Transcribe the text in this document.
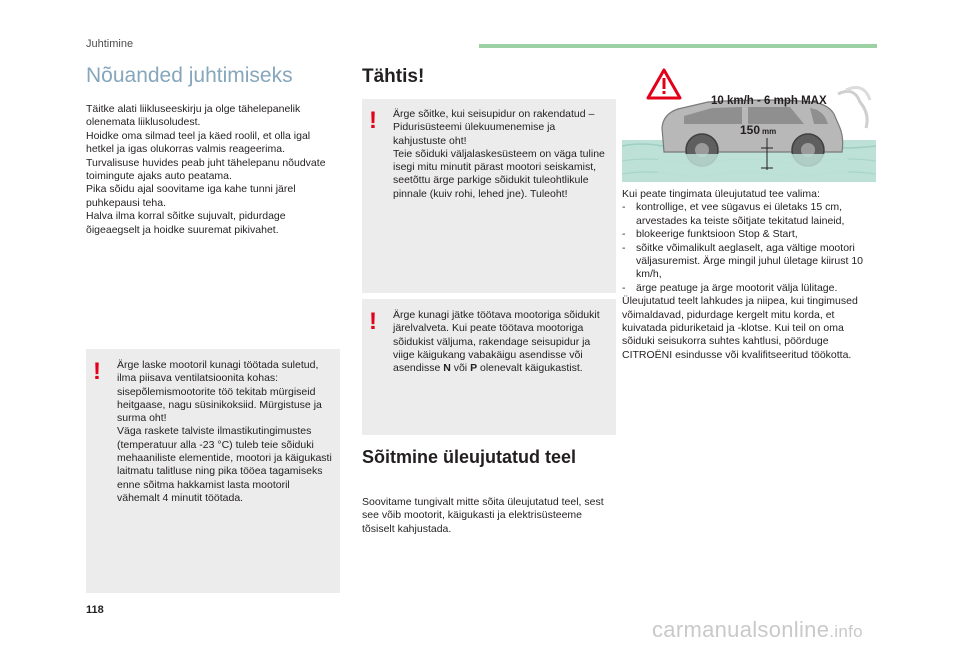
Juhtimine
Nõuanded juhtimiseks

Täitke alati liikluseeskirju ja olge tähelepanelik olenemata liiklusoludest.

Hoidke oma silmad teel ja käed roolil, et olla igal hetkel ja igas olukorras valmis reageerima. Turvalisuse huvides peab juht tähelepanu nõudvate toimingute ajaks auto peatama.

Pika sõidu ajal soovitame iga kahe tunni järel puhkepausi teha.

Halva ilma korral sõitke sujuvalt, pidurdage õigeaegselt ja hoidke suuremat pikivahet.

! Ärge laske mootoril kunagi töötada suletud, ilma piisava ventilatsioonita kohas: sisepõlemismootorite töö tekitab mürgiseid heitgaase, nagu süsinikoksiid. Mürgistuse ja surma oht!

Väga raskete talviste ilmastikutingimustes (temperatuur alla -23 °C) tuleb teie sõiduki mehaaniliste elementide, mootori ja käigukasti laitmatu talitluse ning pika tööea tagamiseks enne sõitma hakkamist lasta mootoril vähemalt 4 minutit töötada.

Tähtis!
! Ärge sõitke, kui seisupidur on rakendatud – Pidurisüsteemi ülekuumenemise ja kahjustuste oht!

Teie sõiduki väljalaskesüsteem on väga tuline isegi mitu minutit pärast mootori seiskamist, seetõttu ärge parkige sõidukit tuleohtlikule pinnale (kuiv rohi, lehed jne). Tuleoht!

! Ärge kunagi jätke töötava mootoriga sõidukit järelvalveta. Kui peate töötava mootoriga sõidukist väljuma, rakendage seisupidur ja viige käigukang vabakäigu asendisse või asendisse N või P olenevalt käigukastist.

Sõitmine üleujutatud teel

Soovitame tungivalt mitte sõita üleujutatud teel, sest see võib mootorit, käigukasti ja elektrisüsteeme tõsiselt kahjustada.

150 mm
10 km/h - 6 mph MAX

Kui peate tingimata üleujutatud tee valima:

-	kontrollige, et vee sügavus ei ületaks 15 cm, arvestades ka teiste sõitjate tekitatud laineid,
-	blokeerige funktsioon Stop & Start,
-	sõitke võimalikult aeglaselt, aga vältige mootori väljasuremist. Ärge mingil juhul ületage kiirust 10 km/h,
-	ärge peatuge ja ärge mootorit välja lülitage.

Üleujutatud teelt lahkudes ja niipea, kui tingimused võimaldavad, pidurdage kergelt mitu korda, et kuivatada piduriketaid ja -klotse. Kui teil on oma sõiduki seisukorra suhtes kahtlusi, pöörduge CITROËNI esindusse või kvalifitseeritud töökotta.

118
carmanualsonline.info
